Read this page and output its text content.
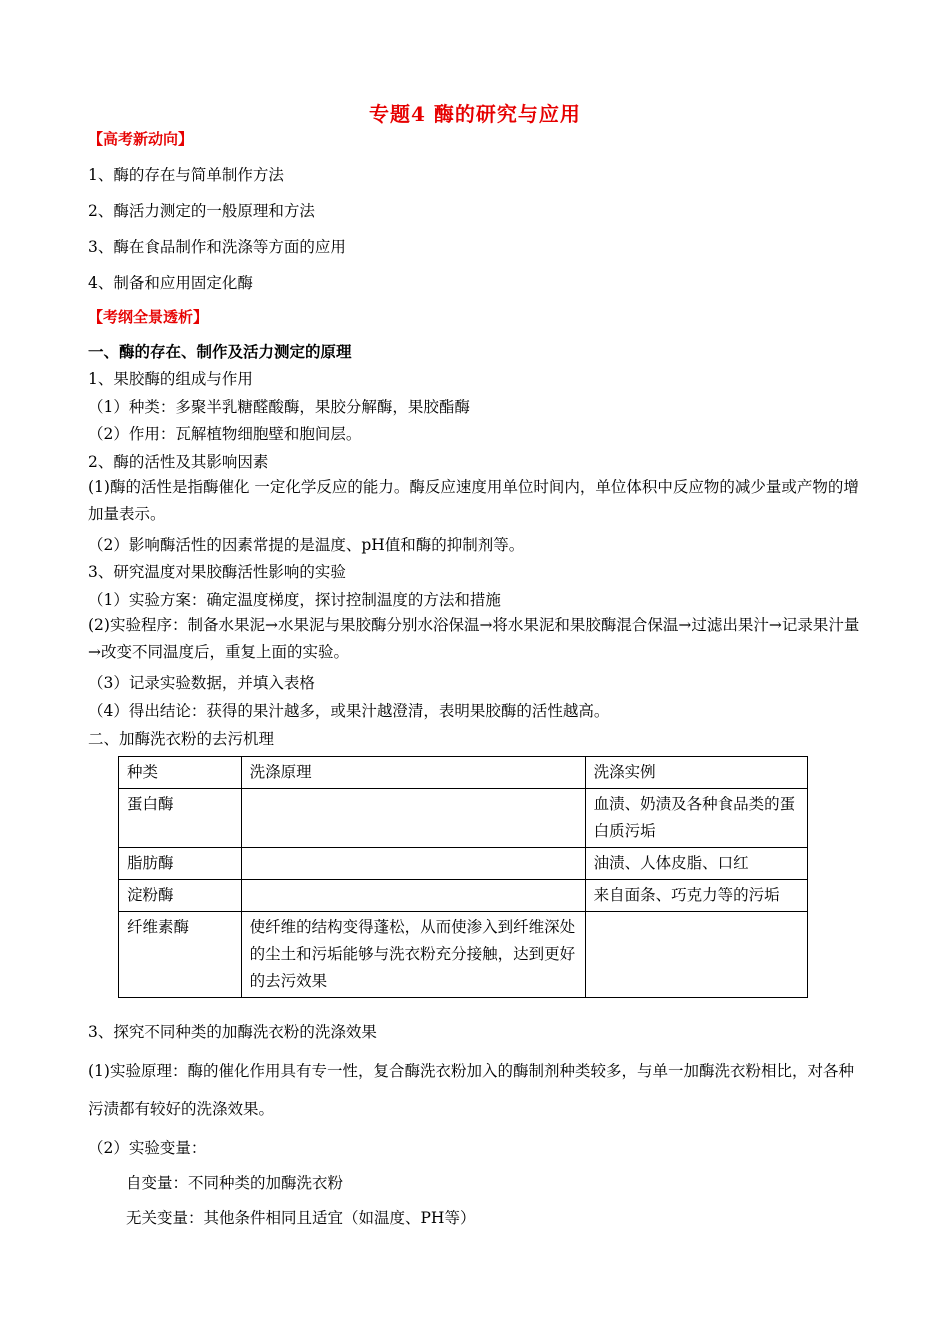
专题4 酶的研究与应用
【高考新动向】
1、酶的存在与简单制作方法
2、酶活力测定的一般原理和方法
3、酶在食品制作和洗涤等方面的应用
4、制备和应用固定化酶
【考纲全景透析】
一、酶的存在、制作及活力测定的原理
1、果胶酶的组成与作用
（1）种类：多聚半乳糖醛酸酶，果胶分解酶，果胶酯酶
（2）作用：瓦解植物细胞壁和胞间层。
2、酶的活性及其影响因素
(1)酶的活性是指酶催化 一定化学反应的能力。酶反应速度用单位时间内，单位体积中反应物的减少量或产物的增加量表示。
（2）影响酶活性的因素常提的是温度、pH值和酶的抑制剂等。
3、研究温度对果胶酶活性影响的实验
（1）实验方案：确定温度梯度，探讨控制温度的方法和措施
(2)实验程序：制备水果泥→水果泥与果胶酶分别水浴保温→将水果泥和果胶酶混合保温→过滤出果汁→记录果汁量→改变不同温度后，重复上面的实验。
（3）记录实验数据，并填入表格
（4）得出结论：获得的果汁越多，或果汁越澄清，表明果胶酶的活性越高。
二、加酶洗衣粉的去污机理
种类	洗涤原理	洗涤实例
蛋白酶		血渍、奶渍及各种食品类的蛋白质污垢
脂肪酶		油渍、人体皮脂、口红
淀粉酶		来自面条、巧克力等的污垢
纤维素酶	使纤维的结构变得蓬松，从而使渗入到纤维深处的尘土和污垢能够与洗衣粉充分接触，达到更好的去污效果	
3、探究不同种类的加酶洗衣粉的洗涤效果
(1)实验原理：酶的催化作用具有专一性，复合酶洗衣粉加入的酶制剂种类较多，与单一加酶洗衣粉相比，对各种污渍都有较好的洗涤效果。
（2）实验变量：
自变量：不同种类的加酶洗衣粉
无关变量：其他条件相同且适宜（如温度、PH等）
